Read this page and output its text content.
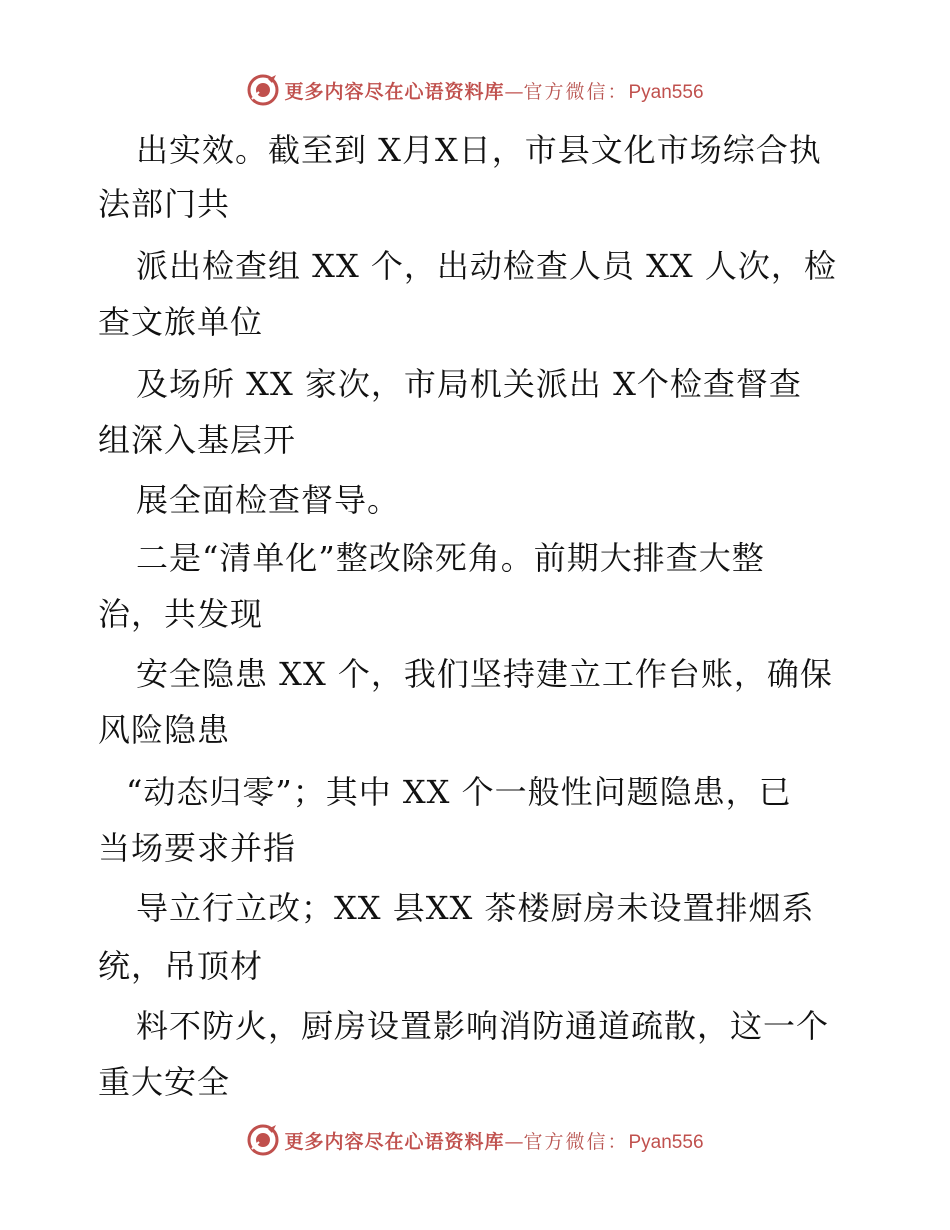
更多内容尽在心语资料库—官方微信：Pyan556
出实效。截至到 X月X日，市县文化市场综合执
法部门共
派出检查组 XX 个，出动检查人员 XX 人次，检
查文旅单位
及场所 XX 家次，市局机关派出 X个检查督查
组深入基层开
展全面检查督导。
二是“清单化”整改除死角。前期大排查大整
治，共发现
安全隐患 XX 个，我们坚持建立工作台账，确保
风险隐患
“动态归零”；其中 XX 个一般性问题隐患，已
当场要求并指
导立行立改；XX 县XX 茶楼厨房未设置排烟系
统，吊顶材
料不防火，厨房设置影响消防通道疏散，这一个
重大安全
更多内容尽在心语资料库—官方微信：Pyan556
